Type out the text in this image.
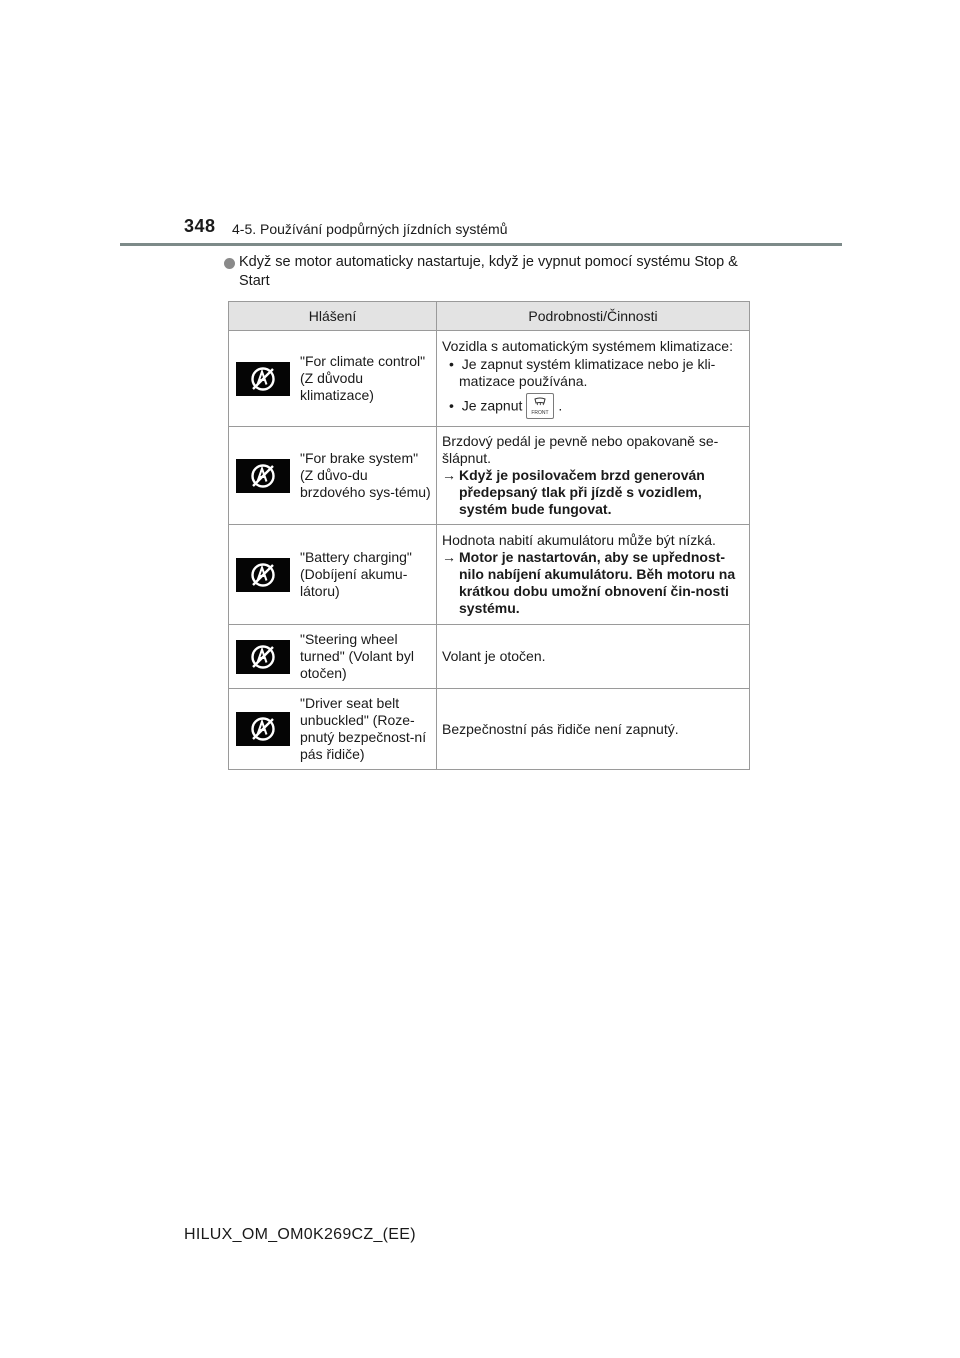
348 4-5. Používání podpůrných jízdních systémů
Když se motor automaticky nastartuje, když je vypnut pomocí systému Stop & Start
Hlášení	Podrobnosti/Činnosti

"For climate control" (Z důvodu klimatizace)	Vozidla s automatickým systémem klimatizace:
• Je zapnut systém klimatizace nebo je kli-matizace používána.
• Je zapnut FRONT .

"For brake system" (Z důvo-du brzdového sys-tému)	Brzdový pedál je pevně nebo opakovaně se-šlápnut.
→ Když je posilovačem brzd generován předepsaný tlak při jízdě s vozidlem, systém bude fungovat.

"Battery charging" (Dobíjení akumu-látoru)	Hodnota nabití akumulátoru může být nízká.
→ Motor je nastartován, aby se upřednost-nilo nabíjení akumulátoru. Běh motoru na krátkou dobu umožní obnovení čin-nosti systému.

"Steering wheel turned" (Volant byl otočen)	Volant je otočen.

"Driver seat belt unbuckled" (Roze-pnutý bezpečnost-ní pás řidiče)	Bezpečnostní pás řidiče není zapnutý.
HILUX_OM_OM0K269CZ_(EE)
